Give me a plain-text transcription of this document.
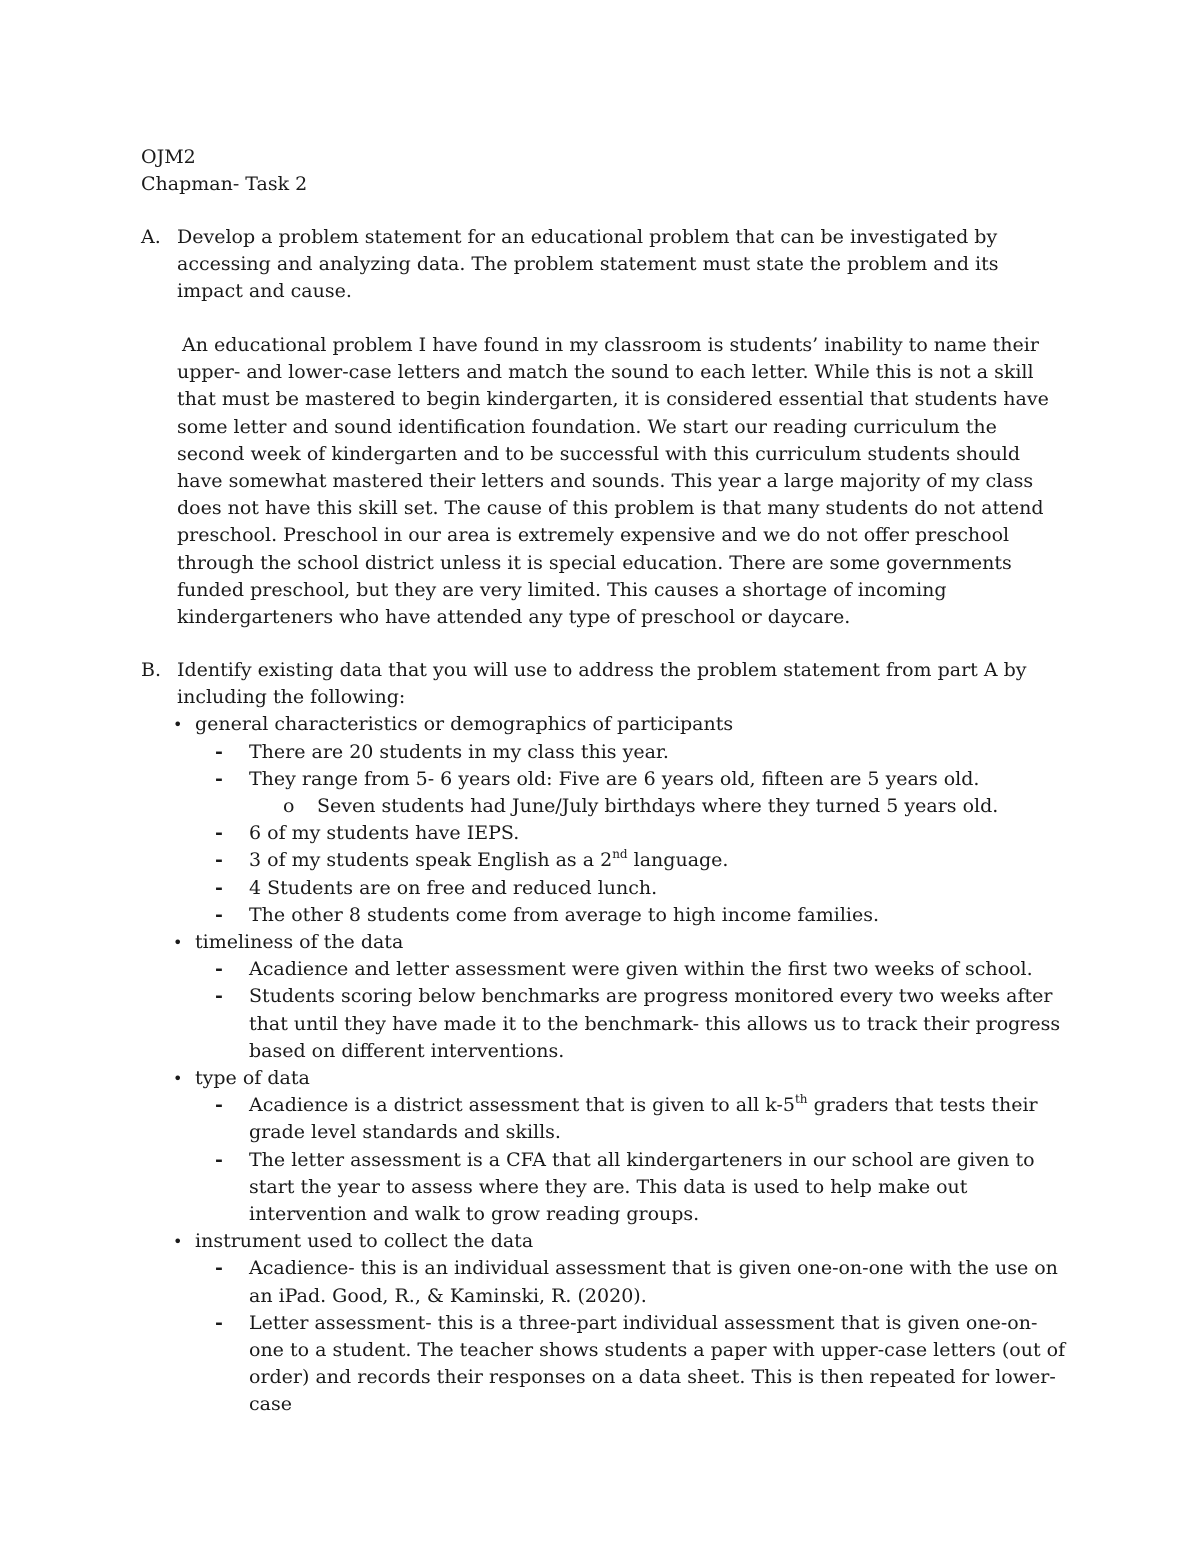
OJM2
Chapman- Task 2
A. Develop a problem statement for an educational problem that can be investigated by accessing and analyzing data. The problem statement must state the problem and its impact and cause.
An educational problem I have found in my classroom is students’ inability to name their upper- and lower-case letters and match the sound to each letter. While this is not a skill that must be mastered to begin kindergarten, it is considered essential that students have some letter and sound identification foundation. We start our reading curriculum the second week of kindergarten and to be successful with this curriculum students should have somewhat mastered their letters and sounds. This year a large majority of my class does not have this skill set. The cause of this problem is that many students do not attend preschool. Preschool in our area is extremely expensive and we do not offer preschool through the school district unless it is special education. There are some governments funded preschool, but they are very limited. This causes a shortage of incoming kindergarteners who have attended any type of preschool or daycare.
B. Identify existing data that you will use to address the problem statement from part A by including the following:
• general characteristics or demographics of participants
-	There are 20 students in my class this year.
-	They range from 5- 6 years old: Five are 6 years old, fifteen are 5 years old.
o	Seven students had June/July birthdays where they turned 5 years old.
-	6 of my students have IEPS.
-	3 of my students speak English as a 2nd language.
-	4 Students are on free and reduced lunch.
-	The other 8 students come from average to high income families.
• timeliness of the data
-	Acadience and letter assessment were given within the first two weeks of school.
-	Students scoring below benchmarks are progress monitored every two weeks after that until they have made it to the benchmark- this allows us to track their progress based on different interventions.
• type of data
-	Acadience is a district assessment that is given to all k-5th graders that tests their grade level standards and skills.
-	The letter assessment is a CFA that all kindergarteners in our school are given to start the year to assess where they are. This data is used to help make out intervention and walk to grow reading groups.
• instrument used to collect the data
-	Acadience- this is an individual assessment that is given one-on-one with the use on an iPad. Good, R., & Kaminski, R. (2020).
-	Letter assessment- this is a three-part individual assessment that is given one-on-one to a student. The teacher shows students a paper with upper-case letters (out of order) and records their responses on a data sheet. This is then repeated for lower-case
